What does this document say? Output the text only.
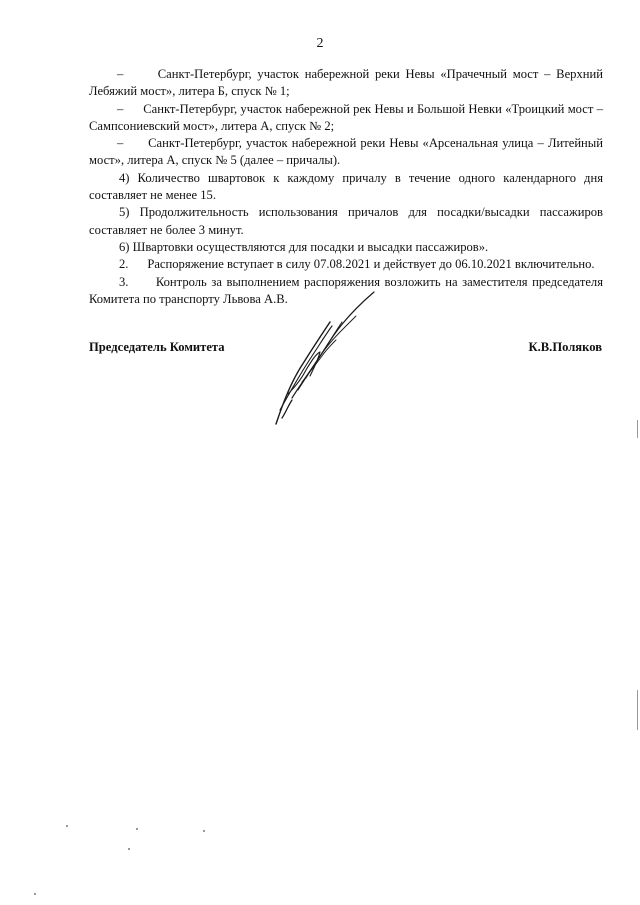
2

–      Санкт-Петербург, участок набережной реки Невы «Прачечный мост – Верхний Лебяжий мост», литера Б, спуск № 1;

–      Санкт-Петербург, участок набережной рек Невы и Большой Невки «Троицкий мост – Сампсониевский мост», литера А, спуск № 2;

–      Санкт-Петербург, участок набережной реки Невы «Арсенальная улица – Литейный мост», литера А, спуск № 5 (далее – причалы).

4) Количество швартовок к каждому причалу в течение одного календарного дня составляет не менее 15.

5) Продолжительность использования причалов для посадки/высадки пассажиров составляет не более 3 минут.

6) Швартовки осуществляются для посадки и высадки пассажиров».

2.      Распоряжение вступает в силу 07.08.2021 и действует до 06.10.2021 включительно.

3.      Контроль за выполнением распоряжения возложить на заместителя председателя Комитета по транспорту Львова А.В.

Председатель Комитета	К.В.Поляков
